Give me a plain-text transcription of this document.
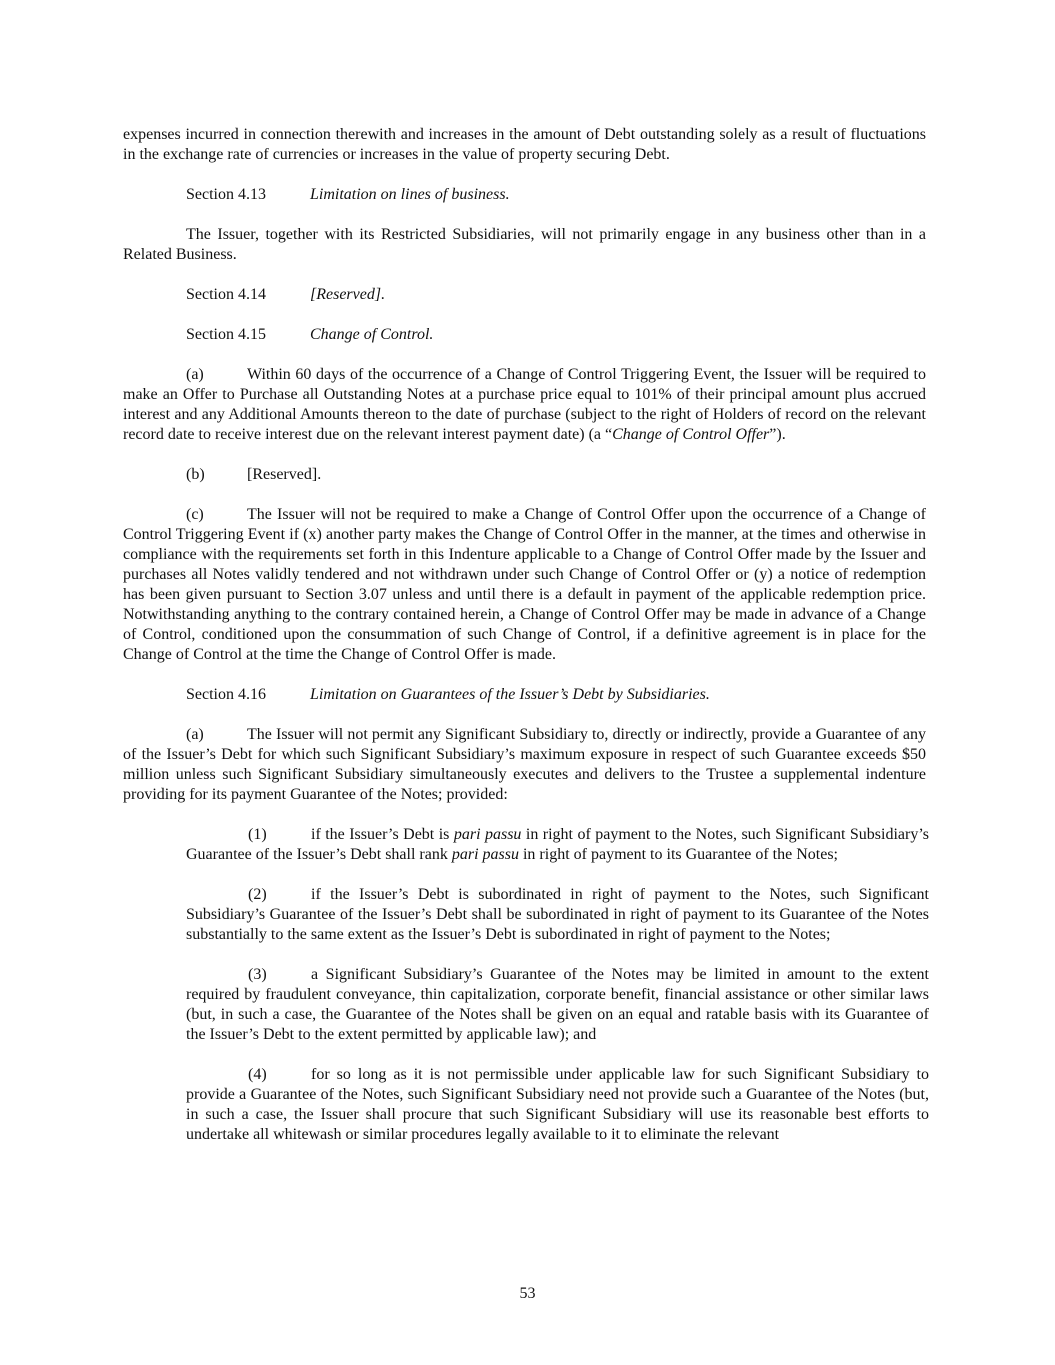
expenses incurred in connection therewith and increases in the amount of Debt outstanding solely as a result of fluctuations in the exchange rate of currencies or increases in the value of property securing Debt.

Section 4.13	Limitation on lines of business.

The Issuer, together with its Restricted Subsidiaries, will not primarily engage in any business other than in a Related Business.

Section 4.14	[Reserved].

Section 4.15	Change of Control.

(a)	Within 60 days of the occurrence of a Change of Control Triggering Event, the Issuer will be required to make an Offer to Purchase all Outstanding Notes at a purchase price equal to 101% of their principal amount plus accrued interest and any Additional Amounts thereon to the date of purchase (subject to the right of Holders of record on the relevant record date to receive interest due on the relevant interest payment date) (a “Change of Control Offer”).

(b)	[Reserved].

(c)	The Issuer will not be required to make a Change of Control Offer upon the occurrence of a Change of Control Triggering Event if (x) another party makes the Change of Control Offer in the manner, at the times and otherwise in compliance with the requirements set forth in this Indenture applicable to a Change of Control Offer made by the Issuer and purchases all Notes validly tendered and not withdrawn under such Change of Control Offer or (y) a notice of redemption has been given pursuant to Section 3.07 unless and until there is a default in payment of the applicable redemption price. Notwithstanding anything to the contrary contained herein, a Change of Control Offer may be made in advance of a Change of Control, conditioned upon the consummation of such Change of Control, if a definitive agreement is in place for the Change of Control at the time the Change of Control Offer is made.

Section 4.16	Limitation on Guarantees of the Issuer’s Debt by Subsidiaries.

(a)	The Issuer will not permit any Significant Subsidiary to, directly or indirectly, provide a Guarantee of any of the Issuer’s Debt for which such Significant Subsidiary’s maximum exposure in respect of such Guarantee exceeds $50 million unless such Significant Subsidiary simultaneously executes and delivers to the Trustee a supplemental indenture providing for its payment Guarantee of the Notes; provided:

(1)	if the Issuer’s Debt is pari passu in right of payment to the Notes, such Significant Subsidiary’s Guarantee of the Issuer’s Debt shall rank pari passu in right of payment to its Guarantee of the Notes;

(2)	if the Issuer’s Debt is subordinated in right of payment to the Notes, such Significant Subsidiary’s Guarantee of the Issuer’s Debt shall be subordinated in right of payment to its Guarantee of the Notes substantially to the same extent as the Issuer’s Debt is subordinated in right of payment to the Notes;

(3)	a Significant Subsidiary’s Guarantee of the Notes may be limited in amount to the extent required by fraudulent conveyance, thin capitalization, corporate benefit, financial assistance or other similar laws (but, in such a case, the Guarantee of the Notes shall be given on an equal and ratable basis with its Guarantee of the Issuer’s Debt to the extent permitted by applicable law); and

(4)	for so long as it is not permissible under applicable law for such Significant Subsidiary to provide a Guarantee of the Notes, such Significant Subsidiary need not provide such a Guarantee of the Notes (but, in such a case, the Issuer shall procure that such Significant Subsidiary will use its reasonable best efforts to undertake all whitewash or similar procedures legally available to it to eliminate the relevant

53
